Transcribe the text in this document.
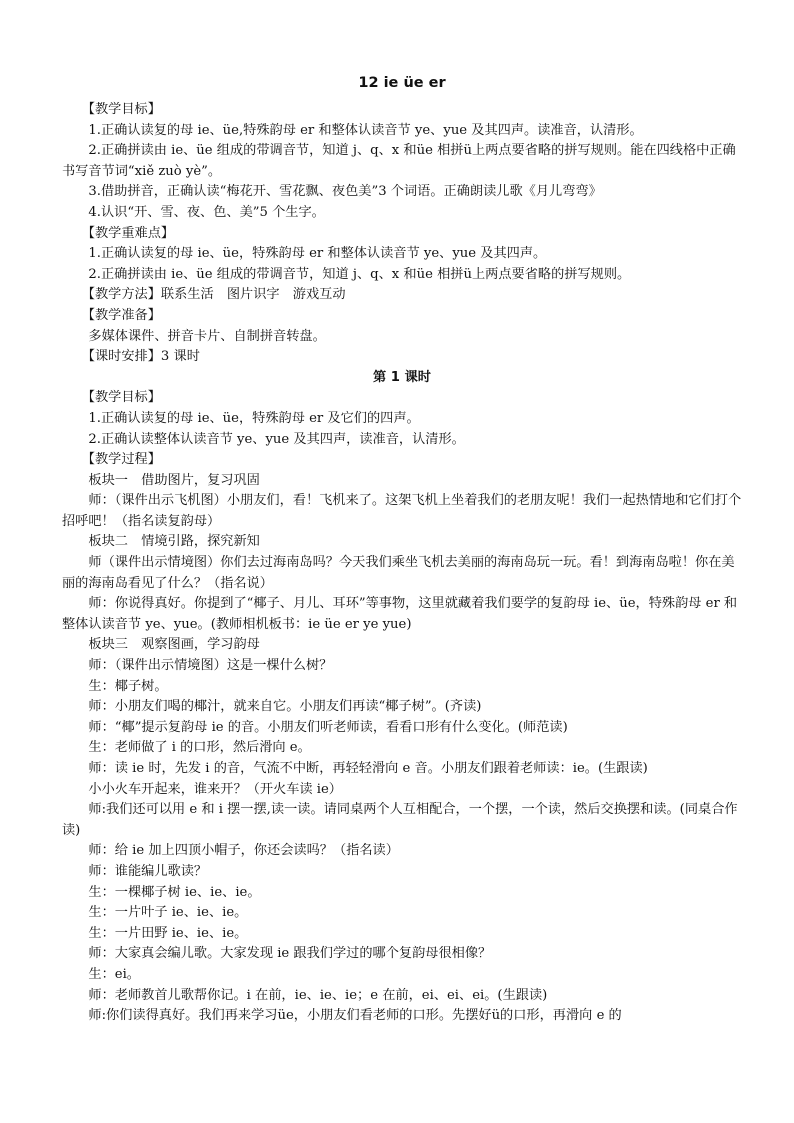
12 ie üe er
【教学目标】
1.正确认读复的母 ie、üe,特殊韵母 er 和整体认读音节 ye、yue 及其四声。读准音，认清形。
2.正确拼读由 ie、üe 组成的带调音节，知道 j、q、x 和üe 相拼ü上两点要省略的拼写规则。能在四线格中正确书写音节词“xiě zuò yè”。
3.借助拼音，正确认读“梅花开、雪花飘、夜色美”3 个词语。正确朗读儿歌《月儿弯弯》
4.认识“开、雪、夜、色、美”5 个生字。
【教学重难点】
1.正确认读复的母 ie、üe，特殊韵母 er 和整体认读音节 ye、yue 及其四声。
2.正确拼读由 ie、üe 组成的带调音节，知道 j、q、x 和üe 相拼ü上两点要省略的拼写规则。
【教学方法】联系生活　图片识字　游戏互动
【教学准备】
多媒体课件、拼音卡片、自制拼音转盘。
【课时安排】3 课时
第 1 课时
【教学目标】
1.正确认读复的母 ie、üe，特殊韵母 er 及它们的四声。
2.正确认读整体认读音节 ye、yue 及其四声，读准音，认清形。
【教学过程】
板块一　借助图片，复习巩固
师：（课件出示飞机图）小朋友们，看！飞机来了。这架飞机上坐着我们的老朋友呢！我们一起热情地和它们打个招呼吧！（指名读复韵母）
板块二　情境引路，探究新知
师（课件出示情境图）你们去过海南岛吗？今天我们乘坐飞机去美丽的海南岛玩一玩。看！到海南岛啦！你在美丽的海南岛看见了什么？（指名说）
师：你说得真好。你提到了“椰子、月儿、耳环”等事物，这里就藏着我们要学的复韵母 ie、üe，特殊韵母 er 和整体认读音节 ye、yue。(教师相机板书：ie üe er ye yue)
板块三　观察图画，学习韵母
师：（课件出示情境图）这是一棵什么树？
生：椰子树。
师：小朋友们喝的椰汁，就来自它。小朋友们再读“椰子树”。(齐读)
师：“椰”提示复韵母 ie 的音。小朋友们听老师读，看看口形有什么变化。(师范读)
生：老师做了 i 的口形，然后滑向 e。
师：读 ie 时，先发 i 的音，气流不中断，再轻轻滑向 e 音。小朋友们跟着老师读：ie。(生跟读)
小小火车开起来，谁来开？（开火车读 ie）
师:我们还可以用 e 和 i 摆一摆,读一读。请同桌两个人互相配合，一个摆，一个读，然后交换摆和读。(同桌合作读)
师：给 ie 加上四顶小帽子，你还会读吗？（指名读）
师：谁能编儿歌读？
生：一棵椰子树 ie、ie、ie。
生：一片叶子 ie、ie、ie。
生：一片田野 ie、ie、ie。
师：大家真会编儿歌。大家发现 ie 跟我们学过的哪个复韵母很相像？
生：ei。
师：老师教首儿歌帮你记。i 在前，ie、ie、ie；e 在前，ei、ei、ei。(生跟读)
师:你们读得真好。我们再来学习üe，小朋友们看老师的口形。先摆好ü的口形，再滑向 e 的
